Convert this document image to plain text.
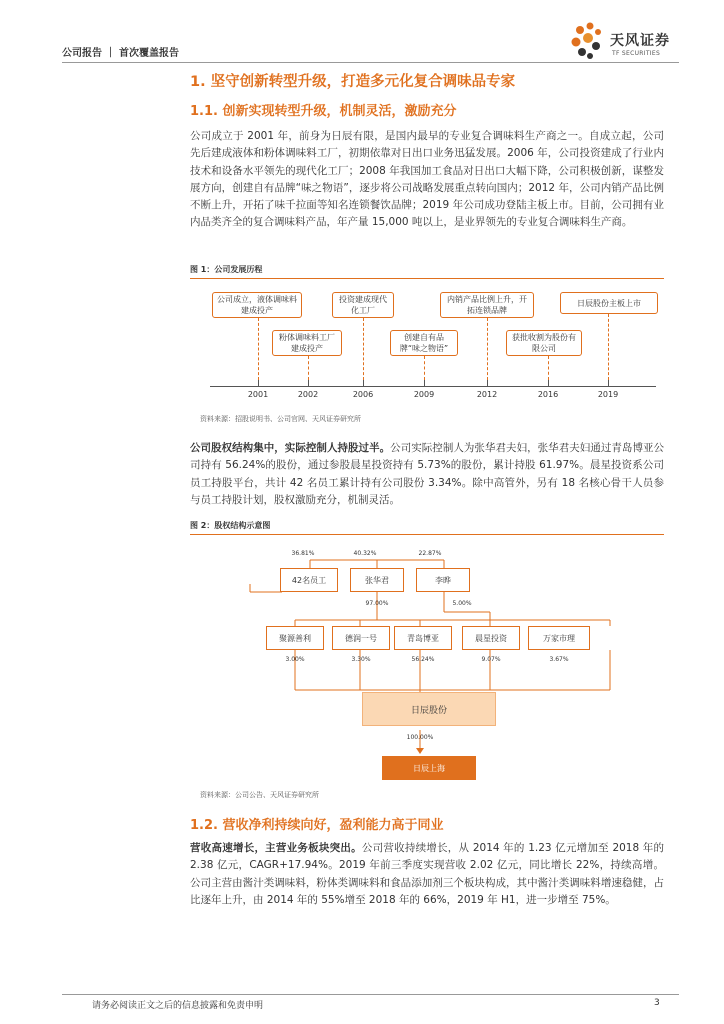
公司报告 ｜ 首次覆盖报告
天风证券
TF SECURITIES
1. 坚守创新转型升级，打造多元化复合调味品专家
1.1. 创新实现转型升级，机制灵活，激励充分
公司成立于 2001 年，前身为日辰有限，是国内最早的专业复合调味料生产商之一。自成立起，公司先后建成液体和粉体调味料工厂，初期依靠对日出口业务迅猛发展。2006 年，公司投资建成了行业内技术和设备水平领先的现代化工厂；2008 年我国加工食品对日出口大幅下降，公司积极创新，谋整发展方向，创建自有品牌“味之物语”，逐步将公司战略发展重点转向国内；2012 年，公司内销产品比例不断上升，开拓了味千拉面等知名连锁餐饮品牌；2019 年公司成功登陆主板上市。目前，公司拥有业内品类齐全的复合调味料产品，年产量 15,000 吨以上，是业界领先的专业复合调味料生产商。
图 1：公司发展历程
公司成立，液体调味料建成投产
投资建成现代化工厂
内销产品比例上升，开拓连锁品牌
日辰股份主板上市
粉体调味料工厂建成投产
创建自有品牌“味之物语”
获批收割为股份有限公司
2001	2002	2006	2009	2012	2016	2019
资料来源：招股说明书、公司官网、天风证券研究所
公司股权结构集中，实际控制人持股过半。公司实际控制人为张华君夫妇，张华君夫妇通过青岛博亚公司持有 56.24%的股份，通过参股晨星投资持有 5.73%的股份，累计持股 61.97%。晨星投资系公司员工持股平台，共计 42 名员工累计持有公司股份 3.34%。除中高管外，另有 18 名核心骨干人员参与员工持股计划，股权激励充分，机制灵活。
图 2：股权结构示意图
36.81%	40.32%	22.87%
42名员工	张华君	李晔
97.00%	5.00%
聚源善利	德润一号	青岛博亚	晨星投资	万家市理
3.00%	3.30%	56.24%	9.07%	3.67%
日辰股份
100.00%
日辰上海
资料来源：公司公告、天风证券研究所
1.2. 营收净利持续向好，盈利能力高于同业
营收高速增长，主营业务板块突出。公司营收持续增长，从 2014 年的 1.23 亿元增加至 2018 年的 2.38 亿元，CAGR+17.94%。2019 年前三季度实现营收 2.02 亿元，同比增长 22%，持续高增。公司主营由酱汁类调味料，粉体类调味料和食品添加剂三个板块构成，其中酱汁类调味料增速稳健，占比逐年上升，由 2014 年的 55%增至 2018 年的 66%，2019 年 H1，进一步增至 75%。
请务必阅读正文之后的信息披露和免责申明	3
